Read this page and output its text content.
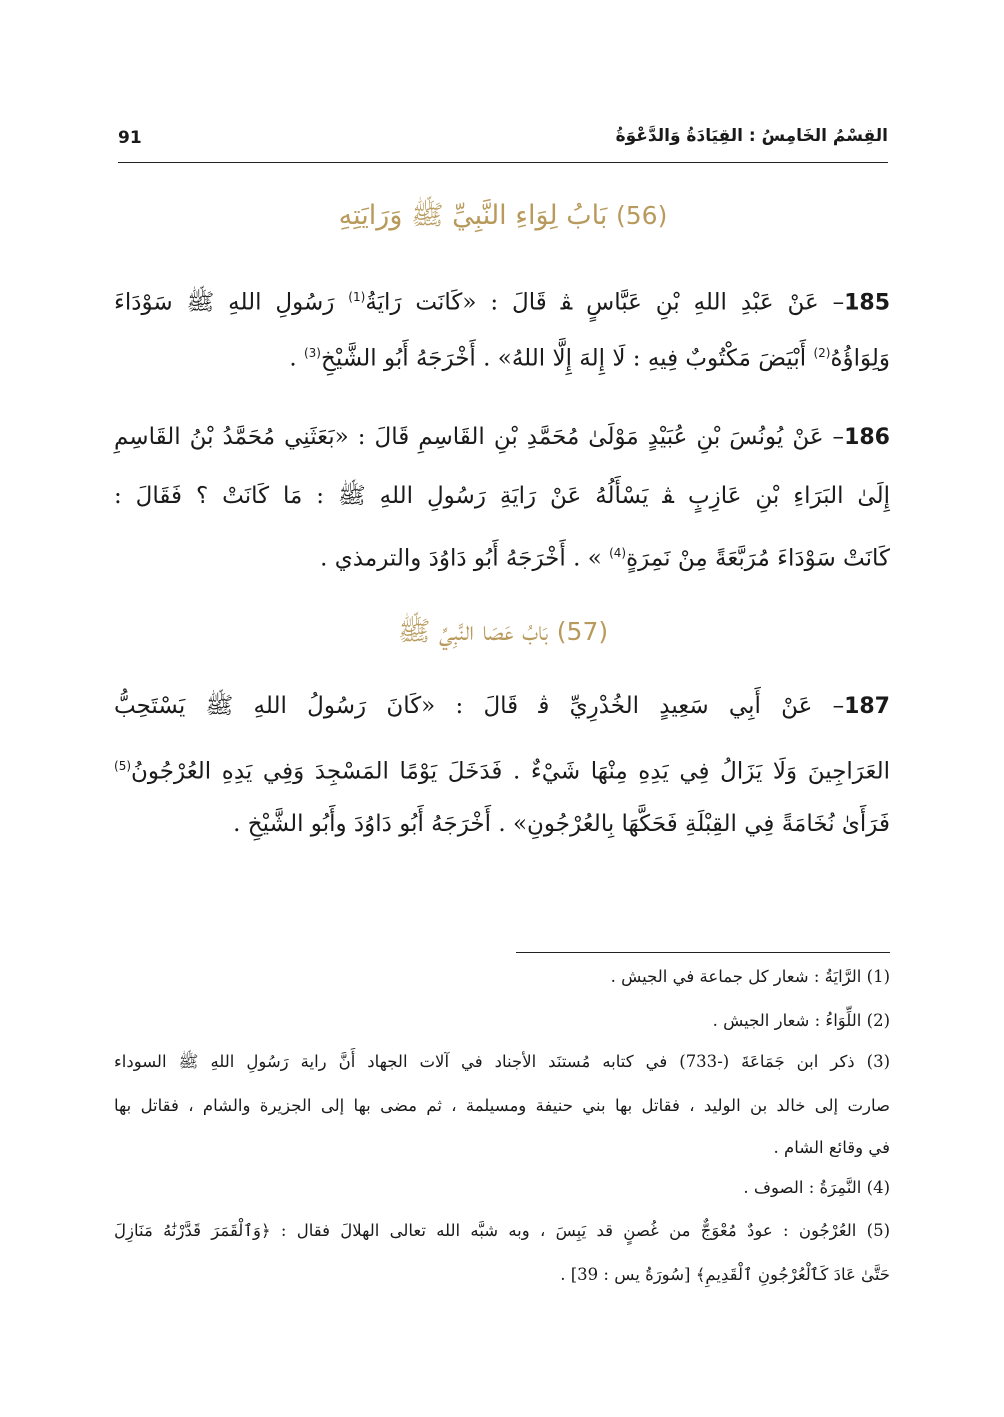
القِسْمُ الخَامِسُ : القِيَادَةُ وَالدَّعْوَةُ
91
(56) بَابُ لِوَاءِ النَّبِيِّ ﷺ وَرَايَتِهِ
185– عَنْ عَبْدِ اللهِ بْنِ عَبَّاسٍ ﭭ قَالَ : «كَانَت رَايَةُ$^{(1)}$ رَسُولِ اللهِ ﷺ سَوْدَاءَ
وَلِوَاؤُهُ$^{(2)}$ أَبْيَضَ مَكْتُوبٌ فِيهِ : لَا إِلهَ إِلَّا اللهُ» . أَخْرَجَهُ أَبُو الشَّيْخِ$^{(3)}$ .
186– عَنْ يُونُسَ بْنِ عُبَيْدٍ مَوْلَىٰ مُحَمَّدِ بْنِ القَاسِمِ قَالَ : «بَعَثَنِي مُحَمَّدُ بْنُ القَاسِمِ
إِلَىٰ البَرَاءِ بْنِ عَازِبٍ ﭭ يَسْأَلُهُ عَنْ رَايَةِ رَسُولِ اللهِ ﷺ : مَا كَانَتْ ؟ فَقَالَ :
كَانَتْ سَوْدَاءَ مُرَبَّعَةً مِنْ نَمِرَةٍ$^{(4)}$ » . أَخْرَجَهُ أَبُو دَاوُدَ والترمذي .
(57) بَابُ عَصَا النَّبِيِّ ﷺ
187– عَنْ أَبِي سَعِيدٍ الخُدْرِيِّ ﭬ قَالَ : «كَانَ رَسُولُ اللهِ ﷺ يَسْتَحِبُّ
العَرَاجِينَ وَلَا يَزَالُ فِي يَدِهِ مِنْهَا شَيْءٌ . فَدَخَلَ يَوْمًا المَسْجِدَ وَفِي يَدِهِ العُرْجُونُ$^{(5)}$
فَرَأَىٰ نُخَامَةً فِي القِبْلَةِ فَحَكَّهَا بِالعُرْجُونِ» . أَخْرَجَهُ أَبُو دَاوُدَ وأَبُو الشَّيْخِ .
(1) الرَّايَةُ : شعار كل جماعة في الجيش .
(2) اللِّوَاءُ : شعار الجيش .
(3) ذكر ابن جَمَاعَةَ (-733) في كتابه مُستنَد الأجناد في آلات الجهاد أَنَّ راية رَسُولِ اللهِ ﷺ السوداء
صارت إلى خالد بن الوليد ، فقاتل بها بني حنيفة ومسيلمة ، ثم مضى بها إلى الجزيرة والشام ، فقاتل بها
في وقائع الشام .
(4) النَّمِرَةُ : الصوف .
(5) العُرْجُون : عودٌ مُعْوَجٌّ من غُصنٍ قد يَبِسَ ، وبه شبَّه الله تعالى الهلالَ فقال : ﴿وَٱلْقَمَرَ قَدَّرْنَٰهُ مَنَازِلَ
حَتَّىٰ عَادَ كَٱلْعُرْجُونِ ٱلْقَدِيمِ﴾ [سُورَةُ يس : 39] .
